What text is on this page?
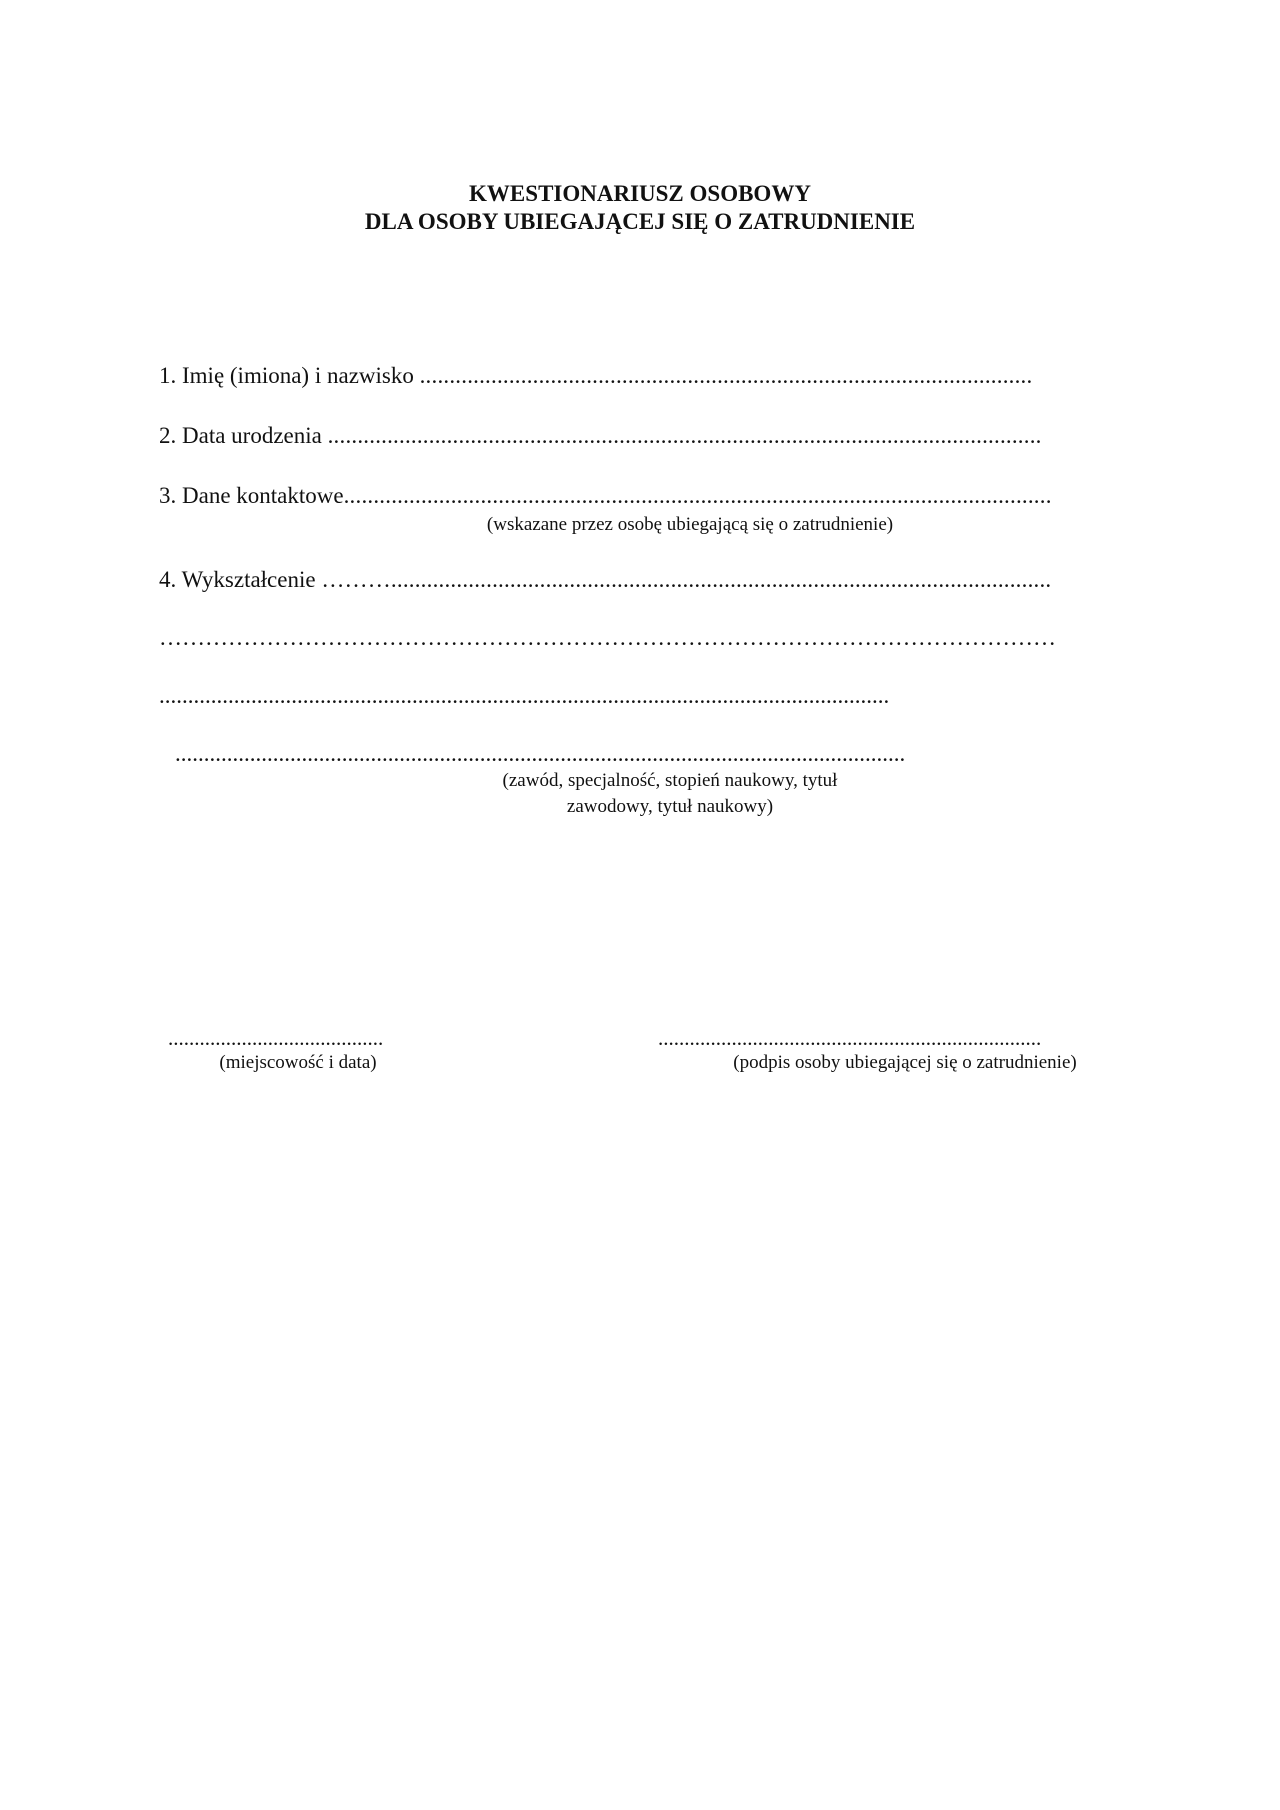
KWESTIONARIUSZ OSOBOWY
DLA OSOBY UBIEGAJĄCEJ SIĘ O ZATRUDNIENIE
1. Imię (imiona) i nazwisko .......................................................................................................
2. Data urodzenia ........................................................................................................................
3. Dane kontaktowe.......................................................................................................................
(wskazane przez osobę ubiegającą się o zatrudnienie)
4. Wykształcenie ………...............................................................................................................
………………………………………………………………………………………………………
...............................................................................................................................
...............................................................................................................................
(zawód, specjalność, stopień naukowy, tytuł
zawodowy, tytuł naukowy)
.........................................
(miejscowość i data)
.........................................................................
(podpis osoby ubiegającej się o zatrudnienie)
